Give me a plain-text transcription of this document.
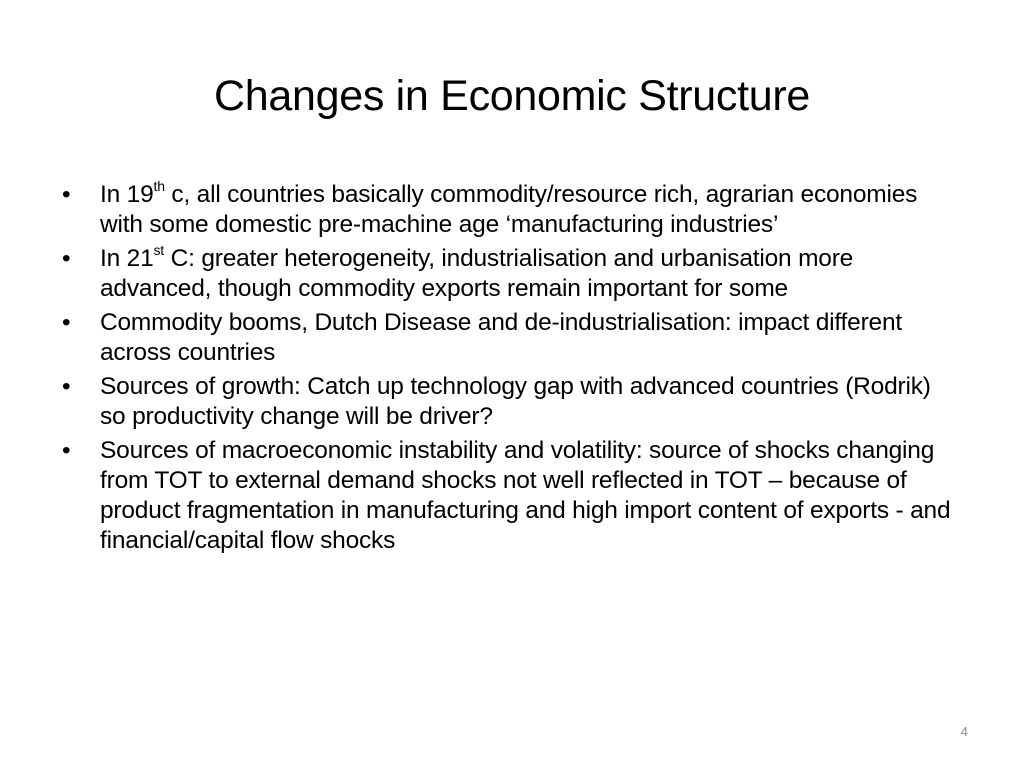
Changes in Economic Structure
•	In 19th c, all countries basically commodity/resource rich, agrarian economies with some domestic pre-machine age ‘manufacturing industries’
•	In 21st C: greater heterogeneity, industrialisation and urbanisation more advanced, though commodity exports remain important for some
•	Commodity booms, Dutch Disease and de-industrialisation: impact different across countries
•	Sources of growth: Catch up technology gap with advanced countries (Rodrik) so productivity change will be driver?
•	Sources of macroeconomic instability and volatility: source of shocks changing from TOT to external demand shocks not well reflected in TOT – because of product fragmentation in manufacturing and high import content of exports - and financial/capital flow shocks
4
